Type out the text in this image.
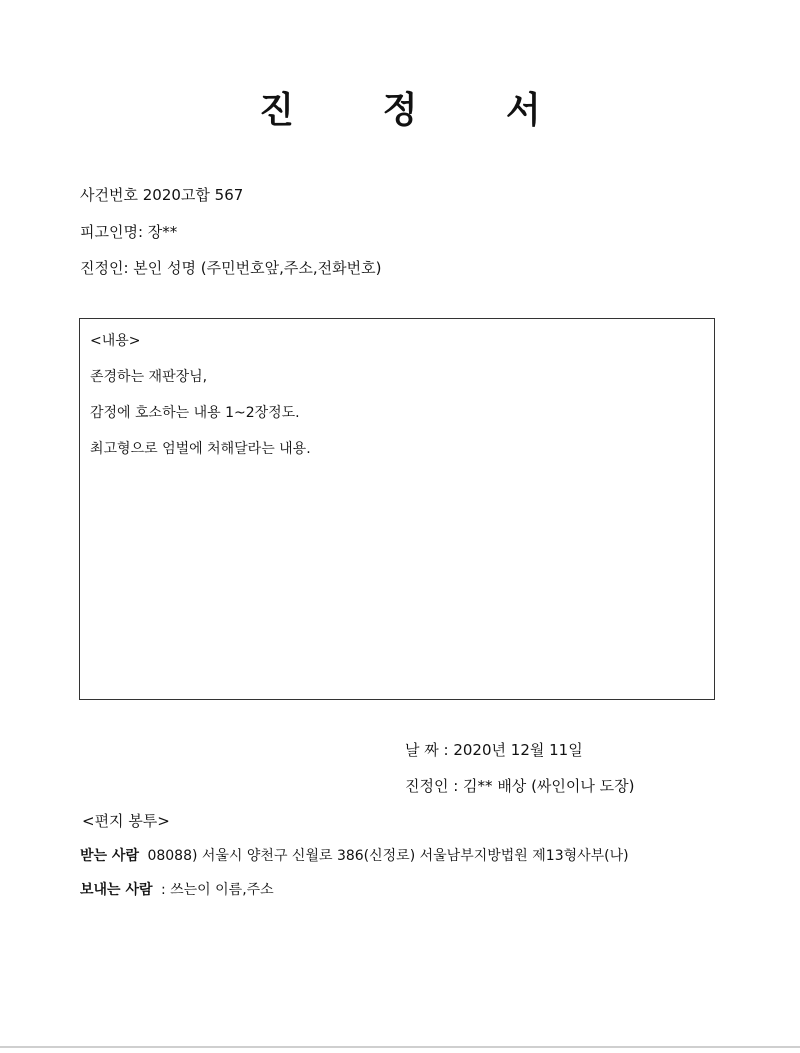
진 정 서
사건번호 2020고합 567
피고인명: 장**
진정인: 본인 성명 (주민번호앞,주소,전화번호)
<내용>
존경하는 재판장님,
감정에 호소하는 내용 1~2장정도.
최고형으로 엄벌에 처해달라는 내용.
날 짜 : 2020년 12월 11일
진정인 : 김** 배상 (싸인이나 도장)
<편지 봉투>
받는 사람 08088) 서울시 양천구 신월로 386(신정로) 서울남부지방법원 제13형사부(나)
보내는 사람 : 쓰는이 이름,주소
